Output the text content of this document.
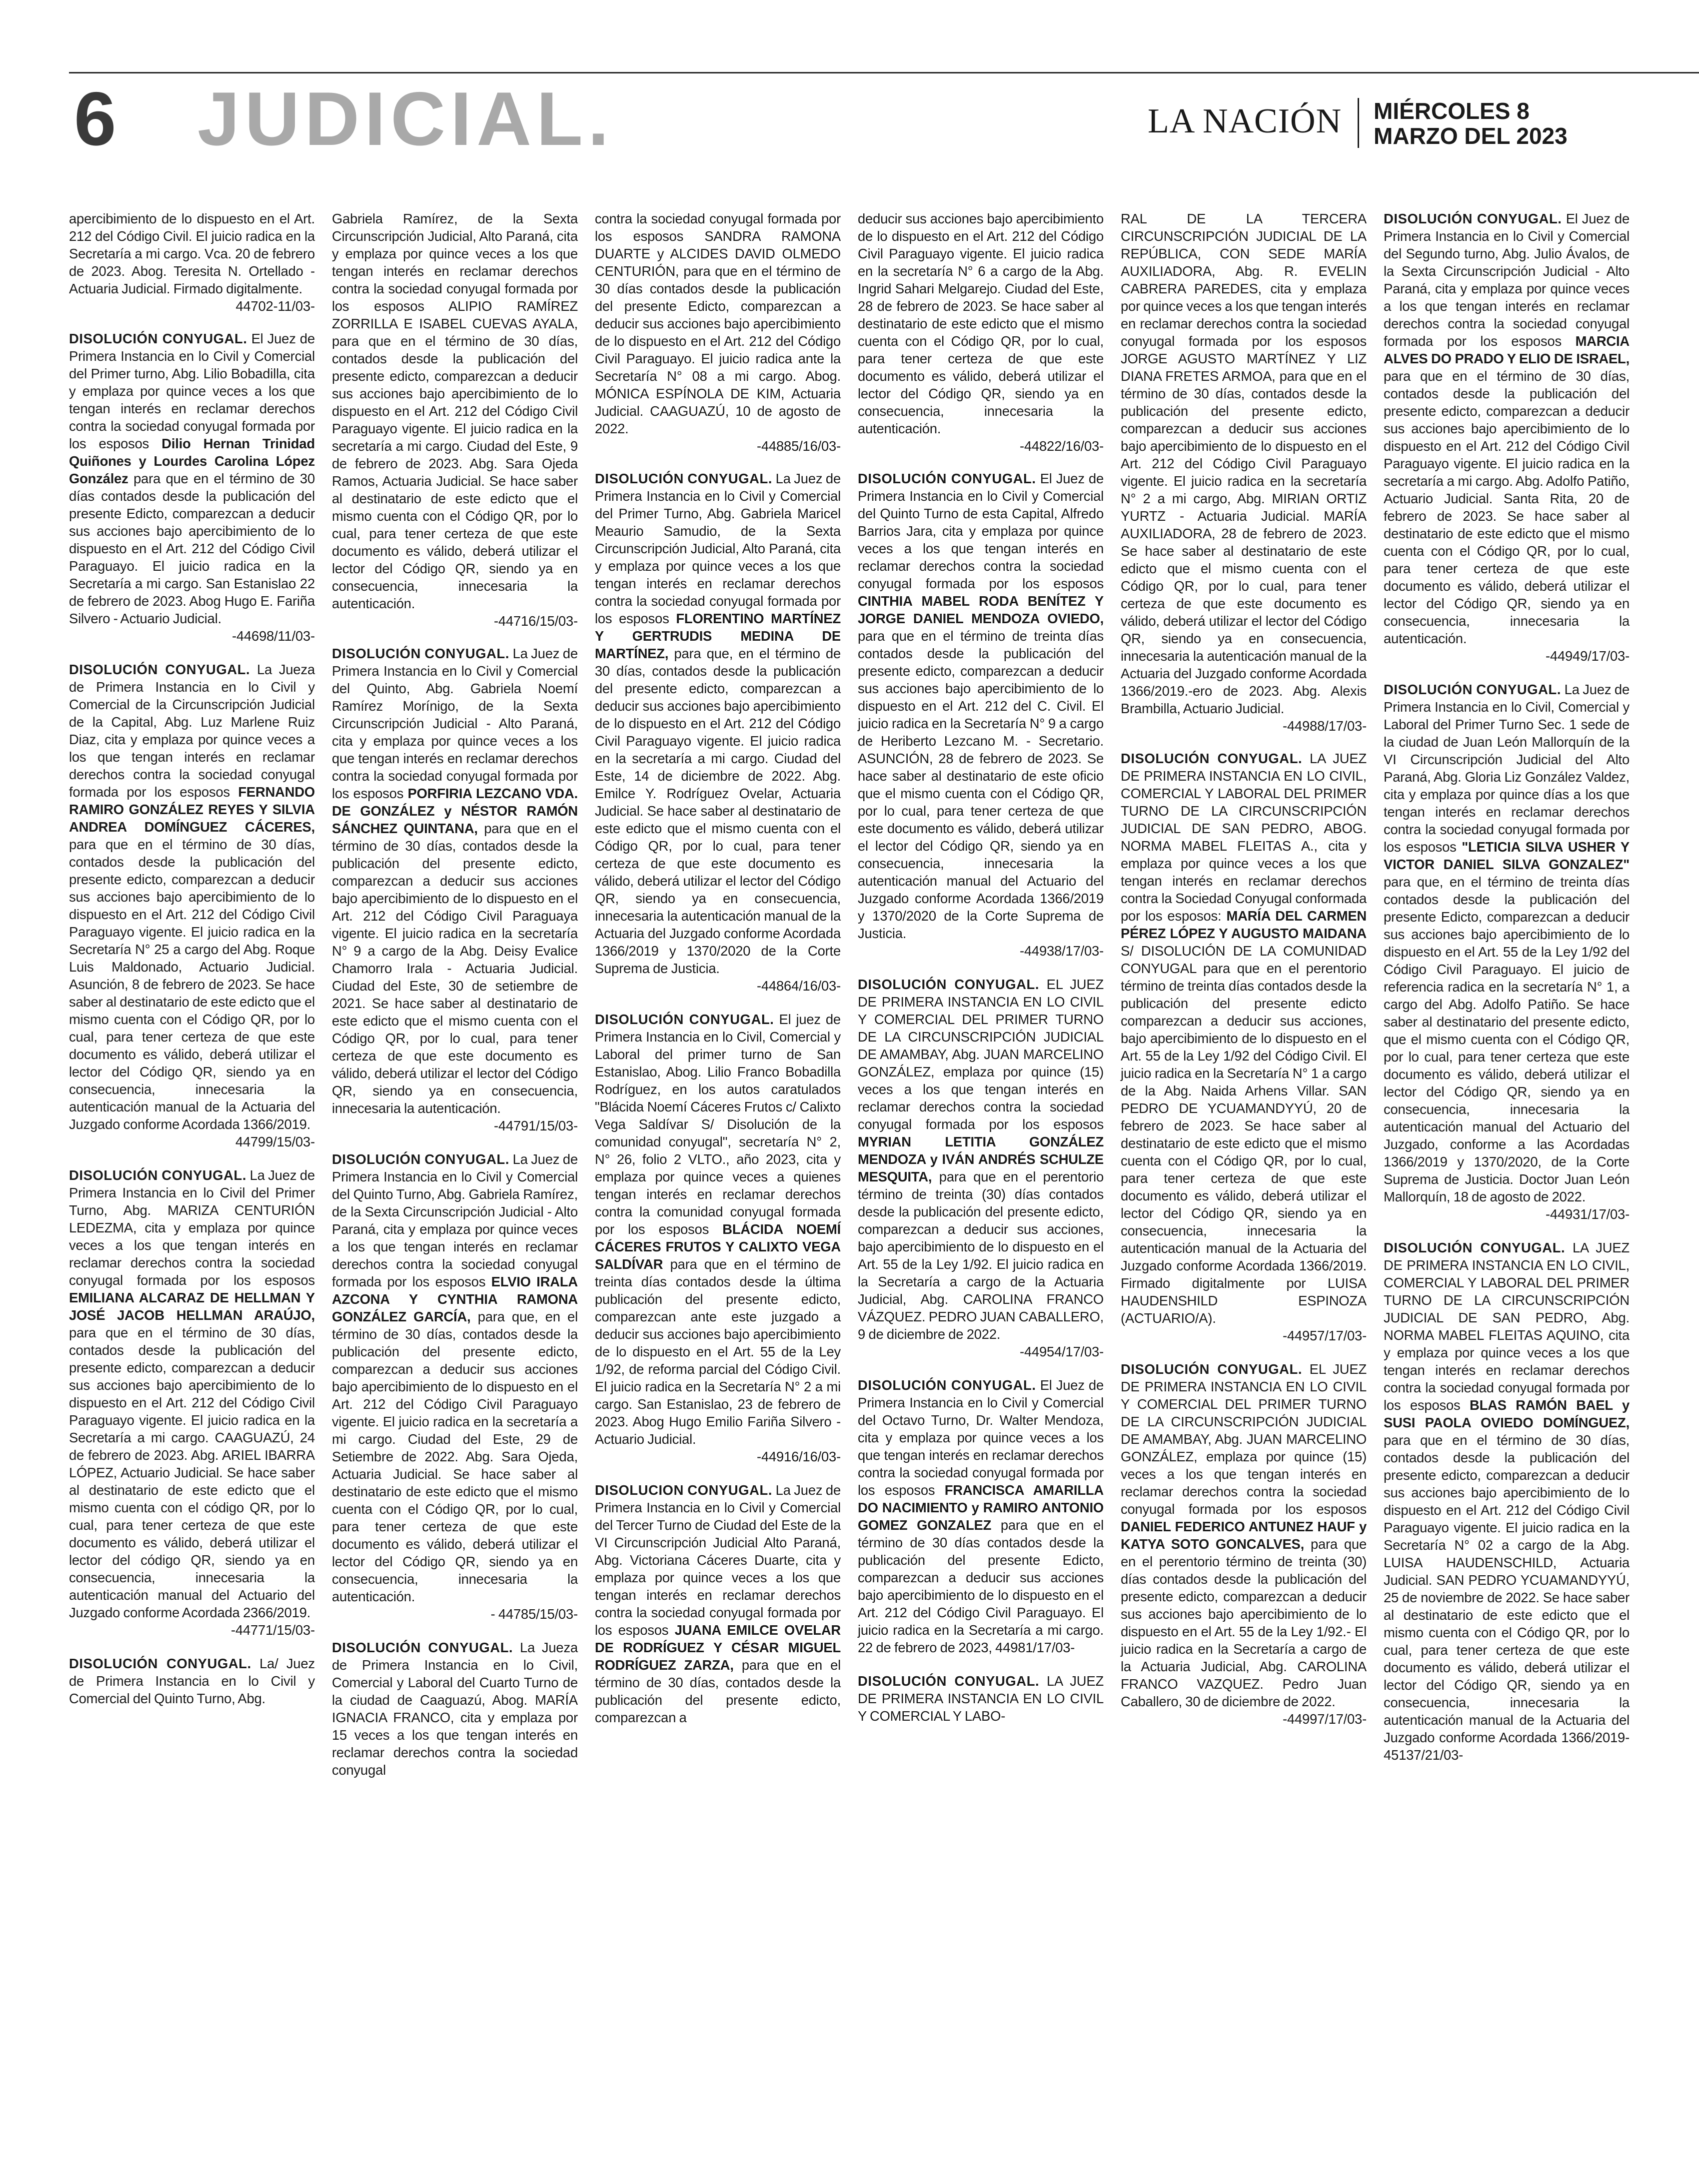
6 JUDICIAL.	LA NACIÓN MIÉRCOLES 8
MARZO DEL 2023

apercibimiento de lo dispuesto en el Art. 212 del Código Civil. El juicio radica en la Secretaría a mi cargo. Vca. 20 de febrero de 2023. Abog. Teresita N. Ortellado - Actuaria Judicial. Firmado digitalmente.

44702-11/03-

DISOLUCIÓN CONYUGAL. El Juez de Primera Instancia en lo Civil y Comercial del Primer turno, Abg. Lilio Bobadilla, cita y emplaza por quince veces a los que tengan interés en reclamar derechos contra la sociedad conyugal formada por los esposos Dilio Hernan Trinidad Quiñones y Lourdes Carolina López González para que en el término de 30 días contados desde la publicación del presente Edicto, comparezcan a deducir sus acciones bajo apercibimiento de lo dispuesto en el Art. 212 del Código Civil Paraguayo. El juicio radica en la Secretaría a mi cargo. San Estanislao 22 de febrero de 2023. Abog Hugo E. Fariña Silvero - Actuario Judicial.

-44698/11/03-

DISOLUCIÓN CONYUGAL. La Jueza de Primera Instancia en lo Civil y Comercial de la Circunscripción Judicial de la Capital, Abg. Luz Marlene Ruiz Diaz, cita y emplaza por quince veces a los que tengan interés en reclamar derechos contra la sociedad conyugal formada por los esposos FERNANDO RAMIRO GONZÁLEZ REYES Y SILVIA ANDREA DOMÍNGUEZ CÁCERES, para que en el término de 30 días, contados desde la publicación del presente edicto, comparezcan a deducir sus acciones bajo apercibimiento de lo dispuesto en el Art. 212 del Código Civil Paraguayo vigente. El juicio radica en la Secretaría N° 25 a cargo del Abg. Roque Luis Maldonado, Actuario Judicial. Asunción, 8 de febrero de 2023. Se hace saber al destinatario de este edicto que el mismo cuenta con el Código QR, por lo cual, para tener certeza de que este documento es válido, deberá utilizar el lector del Código QR, siendo ya en consecuencia, innecesaria la autenticación manual de la Actuaria del Juzgado conforme Acordada 1366/2019.

44799/15/03-

DISOLUCIÓN CONYUGAL. La Juez de Primera Instancia en lo Civil del Primer Turno, Abg. MARIZA CENTURIÓN LEDEZMA, cita y emplaza por quince veces a los que tengan interés en reclamar derechos contra la sociedad conyugal formada por los esposos EMILIANA ALCARAZ DE HELLMAN Y JOSÉ JACOB HELLMAN ARAÚJO, para que en el término de 30 días, contados desde la publicación del presente edicto, comparezcan a deducir sus acciones bajo apercibimiento de lo dispuesto en el Art. 212 del Código Civil Paraguayo vigente. El juicio radica en la Secretaría a mi cargo. CAAGUAZÚ, 24 de febrero de 2023. Abg. ARIEL IBARRA LÓPEZ, Actuario Judicial. Se hace saber al destinatario de este edicto que el mismo cuenta con el código QR, por lo cual, para tener certeza de que este documento es válido, deberá utilizar el lector del código QR, siendo ya en consecuencia, innecesaria la autenticación manual del Actuario del Juzgado conforme Acordada 2366/2019.

-44771/15/03-

DISOLUCIÓN CONYUGAL. La/ Juez de Primera Instancia en lo Civil y Comercial del Quinto Turno, Abg.

Gabriela Ramírez, de la Sexta Circunscripción Judicial, Alto Paraná, cita y emplaza por quince veces a los que tengan interés en reclamar derechos contra la sociedad conyugal formada por los esposos ALIPIO RAMÍREZ ZORRILLA E ISABEL CUEVAS AYALA, para que en el término de 30 días, contados desde la publicación del presente edicto, comparezcan a deducir sus acciones bajo apercibimiento de lo dispuesto en el Art. 212 del Código Civil Paraguayo vigente. El juicio radica en la secretaría a mi cargo. Ciudad del Este, 9 de febrero de 2023. Abg. Sara Ojeda Ramos, Actuaria Judicial. Se hace saber al destinatario de este edicto que el mismo cuenta con el Código QR, por lo cual, para tener certeza de que este documento es válido, deberá utilizar el lector del Código QR, siendo ya en consecuencia, innecesaria la autenticación.

-44716/15/03-

DISOLUCIÓN CONYUGAL. La Juez de Primera Instancia en lo Civil y Comercial del Quinto, Abg. Gabriela Noemí Ramírez Morínigo, de la Sexta Circunscripción Judicial - Alto Paraná, cita y emplaza por quince veces a los que tengan interés en reclamar derechos contra la sociedad conyugal formada por los esposos PORFIRIA LEZCANO VDA. DE GONZÁLEZ y NÉSTOR RAMÓN SÁNCHEZ QUINTANA, para que en el término de 30 días, contados desde la publicación del presente edicto, comparezcan a deducir sus acciones bajo apercibimiento de lo dispuesto en el Art. 212 del Código Civil Paraguaya vigente. El juicio radica en la secretaría N° 9 a cargo de la Abg. Deisy Evalice Chamorro Irala - Actuaria Judicial. Ciudad del Este, 30 de setiembre de 2021. Se hace saber al destinatario de este edicto que el mismo cuenta con el Código QR, por lo cual, para tener certeza de que este documento es válido, deberá utilizar el lector del Código QR, siendo ya en consecuencia, innecesaria la autenticación.

-44791/15/03-

DISOLUCIÓN CONYUGAL. La Juez de Primera Instancia en lo Civil y Comercial del Quinto Turno, Abg. Gabriela Ramírez, de la Sexta Circunscripción Judicial - Alto Paraná, cita y emplaza por quince veces a los que tengan interés en reclamar derechos contra la sociedad conyugal formada por los esposos ELVIO IRALA AZCONA Y CYNTHIA RAMONA GONZÁLEZ GARCÍA, para que, en el término de 30 días, contados desde la publicación del presente edicto, comparezcan a deducir sus acciones bajo apercibimiento de lo dispuesto en el Art. 212 del Código Civil Paraguayo vigente. El juicio radica en la secretaría a mi cargo. Ciudad del Este, 29 de Setiembre de 2022. Abg. Sara Ojeda, Actuaria Judicial. Se hace saber al destinatario de este edicto que el mismo cuenta con el Código QR, por lo cual, para tener certeza de que este documento es válido, deberá utilizar el lector del Código QR, siendo ya en consecuencia, innecesaria la autenticación.

- 44785/15/03-

DISOLUCIÓN CONYUGAL. La Jueza de Primera Instancia en lo Civil, Comercial y Laboral del Cuarto Turno de la ciudad de Caaguazú, Abog. MARÍA IGNACIA FRANCO, cita y emplaza por 15 veces a los que tengan interés en reclamar derechos contra la sociedad conyugal

contra la sociedad conyugal formada por los esposos SANDRA RAMONA DUARTE y ALCIDES DAVID OLMEDO CENTURIÓN, para que en el término de 30 días contados desde la publicación del presente Edicto, comparezcan a deducir sus acciones bajo apercibimiento de lo dispuesto en el Art. 212 del Código Civil Paraguayo. El juicio radica ante la Secretaría N° 08 a mi cargo. Abog. MÓNICA ESPÍNOLA DE KIM, Actuaria Judicial. CAAGUAZÚ, 10 de agosto de 2022.

-44885/16/03-

DISOLUCIÓN CONYUGAL. La Juez de Primera Instancia en lo Civil y Comercial del Primer Turno, Abg. Gabriela Maricel Meaurio Samudio, de la Sexta Circunscripción Judicial, Alto Paraná, cita y emplaza por quince veces a los que tengan interés en reclamar derechos contra la sociedad conyugal formada por los esposos FLORENTINO MARTÍNEZ Y GERTRUDIS MEDINA DE MARTÍNEZ, para que, en el término de 30 días, contados desde la publicación del presente edicto, comparezcan a deducir sus acciones bajo apercibimiento de lo dispuesto en el Art. 212 del Código Civil Paraguayo vigente. El juicio radica en la secretaría a mi cargo. Ciudad del Este, 14 de diciembre de 2022. Abg. Emilce Y. Rodríguez Ovelar, Actuaria Judicial. Se hace saber al destinatario de este edicto que el mismo cuenta con el Código QR, por lo cual, para tener certeza de que este documento es válido, deberá utilizar el lector del Código QR, siendo ya en consecuencia, innecesaria la autenticación manual de la Actuaria del Juzgado conforme Acordada 1366/2019 y 1370/2020 de la Corte Suprema de Justicia.

-44864/16/03-

DISOLUCIÓN CONYUGAL. El juez de Primera Instancia en lo Civil, Comercial y Laboral del primer turno de San Estanislao, Abog. Lilio Franco Bobadilla Rodríguez, en los autos caratulados "Blácida Noemí Cáceres Frutos c/ Calixto Vega Saldívar S/ Disolución de la comunidad conyugal", secretaría N° 2, N° 26, folio 2 VLTO., año 2023, cita y emplaza por quince veces a quienes tengan interés en reclamar derechos contra la comunidad conyugal formada por los esposos BLÁCIDA NOEMÍ CÁCERES FRUTOS Y CALIXTO VEGA SALDÍVAR para que en el término de treinta días contados desde la última publicación del presente edicto, comparezcan ante este juzgado a deducir sus acciones bajo apercibimiento de lo dispuesto en el Art. 55 de la Ley 1/92, de reforma parcial del Código Civil. El juicio radica en la Secretaría N° 2 a mi cargo. San Estanislao, 23 de febrero de 2023. Abog Hugo Emilio Fariña Silvero - Actuario Judicial.

-44916/16/03-

DISOLUCION CONYUGAL. La Juez de Primera Instancia en lo Civil y Comercial del Tercer Turno de Ciudad del Este de la VI Circunscripción Judicial Alto Paraná, Abg. Victoriana Cáceres Duarte, cita y emplaza por quince veces a los que tengan interés en reclamar derechos contra la sociedad conyugal formada por los esposos JUANA EMILCE OVELAR DE RODRÍGUEZ Y CÉSAR MIGUEL RODRÍGUEZ ZARZA, para que en el término de 30 días, contados desde la publicación del presente edicto, comparezcan a

deducir sus acciones bajo apercibimiento de lo dispuesto en el Art. 212 del Código Civil Paraguayo vigente. El juicio radica en la secretaría N° 6 a cargo de la Abg. Ingrid Sahari Melgarejo. Ciudad del Este, 28 de febrero de 2023. Se hace saber al destinatario de este edicto que el mismo cuenta con el Código QR, por lo cual, para tener certeza de que este documento es válido, deberá utilizar el lector del Código QR, siendo ya en consecuencia, innecesaria la autenticación.

-44822/16/03-

DISOLUCIÓN CONYUGAL. El Juez de Primera Instancia en lo Civil y Comercial del Quinto Turno de esta Capital, Alfredo Barrios Jara, cita y emplaza por quince veces a los que tengan interés en reclamar derechos contra la sociedad conyugal formada por los esposos CINTHIA MABEL RODA BENÍTEZ Y JORGE DANIEL MENDOZA OVIEDO, para que en el término de treinta días contados desde la publicación del presente edicto, comparezcan a deducir sus acciones bajo apercibimiento de lo dispuesto en el Art. 212 del C. Civil. El juicio radica en la Secretaría N° 9 a cargo de Heriberto Lezcano M. - Secretario. ASUNCIÓN, 28 de febrero de 2023. Se hace saber al destinatario de este oficio que el mismo cuenta con el Código QR, por lo cual, para tener certeza de que este documento es válido, deberá utilizar el lector del Código QR, siendo ya en consecuencia, innecesaria la autenticación manual del Actuario del Juzgado conforme Acordada 1366/2019 y 1370/2020 de la Corte Suprema de Justicia.

-44938/17/03-

DISOLUCIÓN CONYUGAL. EL JUEZ DE PRIMERA INSTANCIA EN LO CIVIL Y COMERCIAL DEL PRIMER TURNO DE LA CIRCUNSCRIPCIÓN JUDICIAL DE AMAMBAY, Abg. JUAN MARCELINO GONZÁLEZ, emplaza por quince (15) veces a los que tengan interés en reclamar derechos contra la sociedad conyugal formada por los esposos MYRIAN LETITIA GONZÁLEZ MENDOZA y IVÁN ANDRÉS SCHULZE MESQUITA, para que en el perentorio término de treinta (30) días contados desde la publicación del presente edicto, comparezcan a deducir sus acciones, bajo apercibimiento de lo dispuesto en el Art. 55 de la Ley 1/92. El juicio radica en la Secretaría a cargo de la Actuaria Judicial, Abg. CAROLINA FRANCO VÁZQUEZ. PEDRO JUAN CABALLERO, 9 de diciembre de 2022.

-44954/17/03-

DISOLUCIÓN CONYUGAL. El Juez de Primera Instancia en lo Civil y Comercial del Octavo Turno, Dr. Walter Mendoza, cita y emplaza por quince veces a los que tengan interés en reclamar derechos contra la sociedad conyugal formada por los esposos FRANCISCA AMARILLA DO NACIMIENTO y RAMIRO ANTONIO GOMEZ GONZALEZ para que en el término de 30 días contados desde la publicación del presente Edicto, comparezcan a deducir sus acciones bajo apercibimiento de lo dispuesto en el Art. 212 del Código Civil Paraguayo. El juicio radica en la Secretaría a mi cargo. 22 de febrero de 2023, 44981/17/03-

DISOLUCIÓN CONYUGAL. LA JUEZ DE PRIMERA INSTANCIA EN LO CIVIL Y COMERCIAL Y LABO-

RAL DE LA TERCERA CIRCUNSCRIPCIÓN JUDICIAL DE LA REPÚBLICA, CON SEDE MARÍA AUXILIADORA, Abg. R. EVELIN CABRERA PAREDES, cita y emplaza por quince veces a los que tengan interés en reclamar derechos contra la sociedad conyugal formada por los esposos JORGE AGUSTO MARTÍNEZ Y LIZ DIANA FRETES ARMOA, para que en el término de 30 días, contados desde la publicación del presente edicto, comparezcan a deducir sus acciones bajo apercibimiento de lo dispuesto en el Art. 212 del Código Civil Paraguayo vigente. El juicio radica en la secretaría N° 2 a mi cargo, Abg. MIRIAN ORTIZ YURTZ - Actuaria Judicial. MARÍA AUXILIADORA, 28 de febrero de 2023. Se hace saber al destinatario de este edicto que el mismo cuenta con el Código QR, por lo cual, para tener certeza de que este documento es válido, deberá utilizar el lector del Código QR, siendo ya en consecuencia, innecesaria la autenticación manual de la Actuaria del Juzgado conforme Acordada 1366/2019.-ero de 2023. Abg. Alexis Brambilla, Actuario Judicial.

-44988/17/03-

DISOLUCIÓN CONYUGAL. LA JUEZ DE PRIMERA INSTANCIA EN LO CIVIL, COMERCIAL Y LABORAL DEL PRIMER TURNO DE LA CIRCUNSCRIPCIÓN JUDICIAL DE SAN PEDRO, ABOG. NORMA MABEL FLEITAS A., cita y emplaza por quince veces a los que tengan interés en reclamar derechos contra la Sociedad Conyugal conformada por los esposos: MARÍA DEL CARMEN PÉREZ LÓPEZ Y AUGUSTO MAIDANA S/ DISOLUCIÓN DE LA COMUNIDAD CONYUGAL para que en el perentorio término de treinta días contados desde la publicación del presente edicto comparezcan a deducir sus acciones, bajo apercibimiento de lo dispuesto en el Art. 55 de la Ley 1/92 del Código Civil. El juicio radica en la Secretaría N° 1 a cargo de la Abg. Naida Arhens Villar. SAN PEDRO DE YCUAMANDYYÚ, 20 de febrero de 2023. Se hace saber al destinatario de este edicto que el mismo cuenta con el Código QR, por lo cual, para tener certeza de que este documento es válido, deberá utilizar el lector del Código QR, siendo ya en consecuencia, innecesaria la autenticación manual de la Actuaria del Juzgado conforme Acordada 1366/2019. Firmado digitalmente por LUISA HAUDENSHILD ESPINOZA (ACTUARIO/A).

-44957/17/03-

DISOLUCIÓN CONYUGAL. EL JUEZ DE PRIMERA INSTANCIA EN LO CIVIL Y COMERCIAL DEL PRIMER TURNO DE LA CIRCUNSCRIPCIÓN JUDICIAL DE AMAMBAY, Abg. JUAN MARCELINO GONZÁLEZ, emplaza por quince (15) veces a los que tengan interés en reclamar derechos contra la sociedad conyugal formada por los esposos DANIEL FEDERICO ANTUNEZ HAUF y KATYA SOTO GONCALVES, para que en el perentorio término de treinta (30) días contados desde la publicación del presente edicto, comparezcan a deducir sus acciones bajo apercibimiento de lo dispuesto en el Art. 55 de la Ley 1/92.- El juicio radica en la Secretaría a cargo de la Actuaria Judicial, Abg. CAROLINA FRANCO VAZQUEZ. Pedro Juan Caballero, 30 de diciembre de 2022.

-44997/17/03-

DISOLUCIÓN CONYUGAL. El Juez de Primera Instancia en lo Civil y Comercial del Segundo turno, Abg. Julio Ávalos, de la Sexta Circunscripción Judicial - Alto Paraná, cita y emplaza por quince veces a los que tengan interés en reclamar derechos contra la sociedad conyugal formada por los esposos MARCIA ALVES DO PRADO Y ELIO DE ISRAEL, para que en el término de 30 días, contados desde la publicación del presente edicto, comparezcan a deducir sus acciones bajo apercibimiento de lo dispuesto en el Art. 212 del Código Civil Paraguayo vigente. El juicio radica en la secretaría a mi cargo. Abg. Adolfo Patiño, Actuario Judicial. Santa Rita, 20 de febrero de 2023. Se hace saber al destinatario de este edicto que el mismo cuenta con el Código QR, por lo cual, para tener certeza de que este documento es válido, deberá utilizar el lector del Código QR, siendo ya en consecuencia, innecesaria la autenticación.

-44949/17/03-

DISOLUCIÓN CONYUGAL. La Juez de Primera Instancia en lo Civil, Comercial y Laboral del Primer Turno Sec. 1 sede de la ciudad de Juan León Mallorquín de la VI Circunscripción Judicial del Alto Paraná, Abg. Gloria Liz González Valdez, cita y emplaza por quince días a los que tengan interés en reclamar derechos contra la sociedad conyugal formada por los esposos "LETICIA SILVA USHER Y VICTOR DANIEL SILVA GONZALEZ" para que, en el término de treinta días contados desde la publicación del presente Edicto, comparezcan a deducir sus acciones bajo apercibimiento de lo dispuesto en el Art. 55 de la Ley 1/92 del Código Civil Paraguayo. El juicio de referencia radica en la secretaría N° 1, a cargo del Abg. Adolfo Patiño. Se hace saber al destinatario del presente edicto, que el mismo cuenta con el Código QR, por lo cual, para tener certeza que este documento es válido, deberá utilizar el lector del Código QR, siendo ya en consecuencia, innecesaria la autenticación manual del Actuario del Juzgado, conforme a las Acordadas 1366/2019 y 1370/2020, de la Corte Suprema de Justicia. Doctor Juan León Mallorquín, 18 de agosto de 2022.

-44931/17/03-

DISOLUCIÓN CONYUGAL. LA JUEZ DE PRIMERA INSTANCIA EN LO CIVIL, COMERCIAL Y LABORAL DEL PRIMER TURNO DE LA CIRCUNSCRIPCIÓN JUDICIAL DE SAN PEDRO, Abg. NORMA MABEL FLEITAS AQUINO, cita y emplaza por quince veces a los que tengan interés en reclamar derechos contra la sociedad conyugal formada por los esposos BLAS RAMÓN BAEL y SUSI PAOLA OVIEDO DOMÍNGUEZ, para que en el término de 30 días, contados desde la publicación del presente edicto, comparezcan a deducir sus acciones bajo apercibimiento de lo dispuesto en el Art. 212 del Código Civil Paraguayo vigente. El juicio radica en la Secretaría N° 02 a cargo de la Abg. LUISA HAUDENSCHILD, Actuaria Judicial. SAN PEDRO YCUAMANDYYÚ, 25 de noviembre de 2022. Se hace saber al destinatario de este edicto que el mismo cuenta con el Código QR, por lo cual, para tener certeza de que este documento es válido, deberá utilizar el lector del Código QR, siendo ya en consecuencia, innecesaria la autenticación manual de la Actuaria del Juzgado conforme Acordada 1366/2019- 45137/21/03-
